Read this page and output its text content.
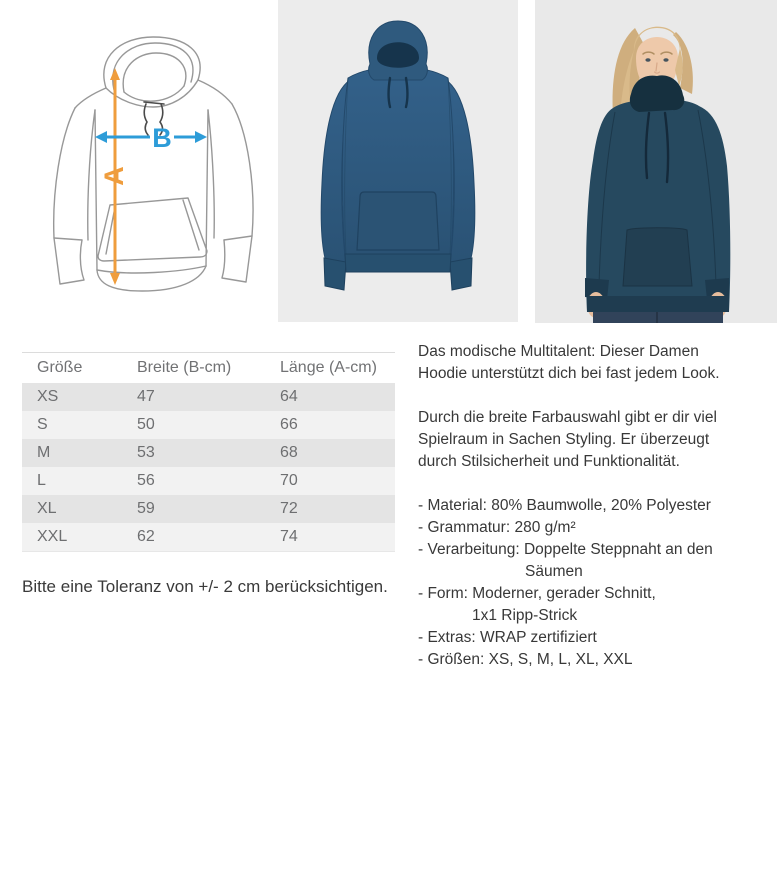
A
B
Größe	Breite (B-cm)	Länge (A-cm)
XS	47	64
S	50	66
M	53	68
L	56	70
XL	59	72
XXL	62	74
Bitte eine Toleranz von +/- 2 cm berücksichtigen.
Das modische Multitalent: Dieser Damen
Hoodie unterstützt dich bei fast jedem Look.
Durch die breite Farbauswahl gibt er dir viel
Spielraum in Sachen Styling. Er überzeugt
durch Stilsicherheit und Funktionalität.
- Material: 80% Baumwolle, 20% Polyester
- Grammatur: 280 g/m²
- Verarbeitung: Doppelte Steppnaht an den
Säumen
- Form: Moderner, gerader Schnitt,
1x1 Ripp-Strick
- Extras: WRAP zertifiziert
- Größen: XS, S, M, L, XL, XXL
